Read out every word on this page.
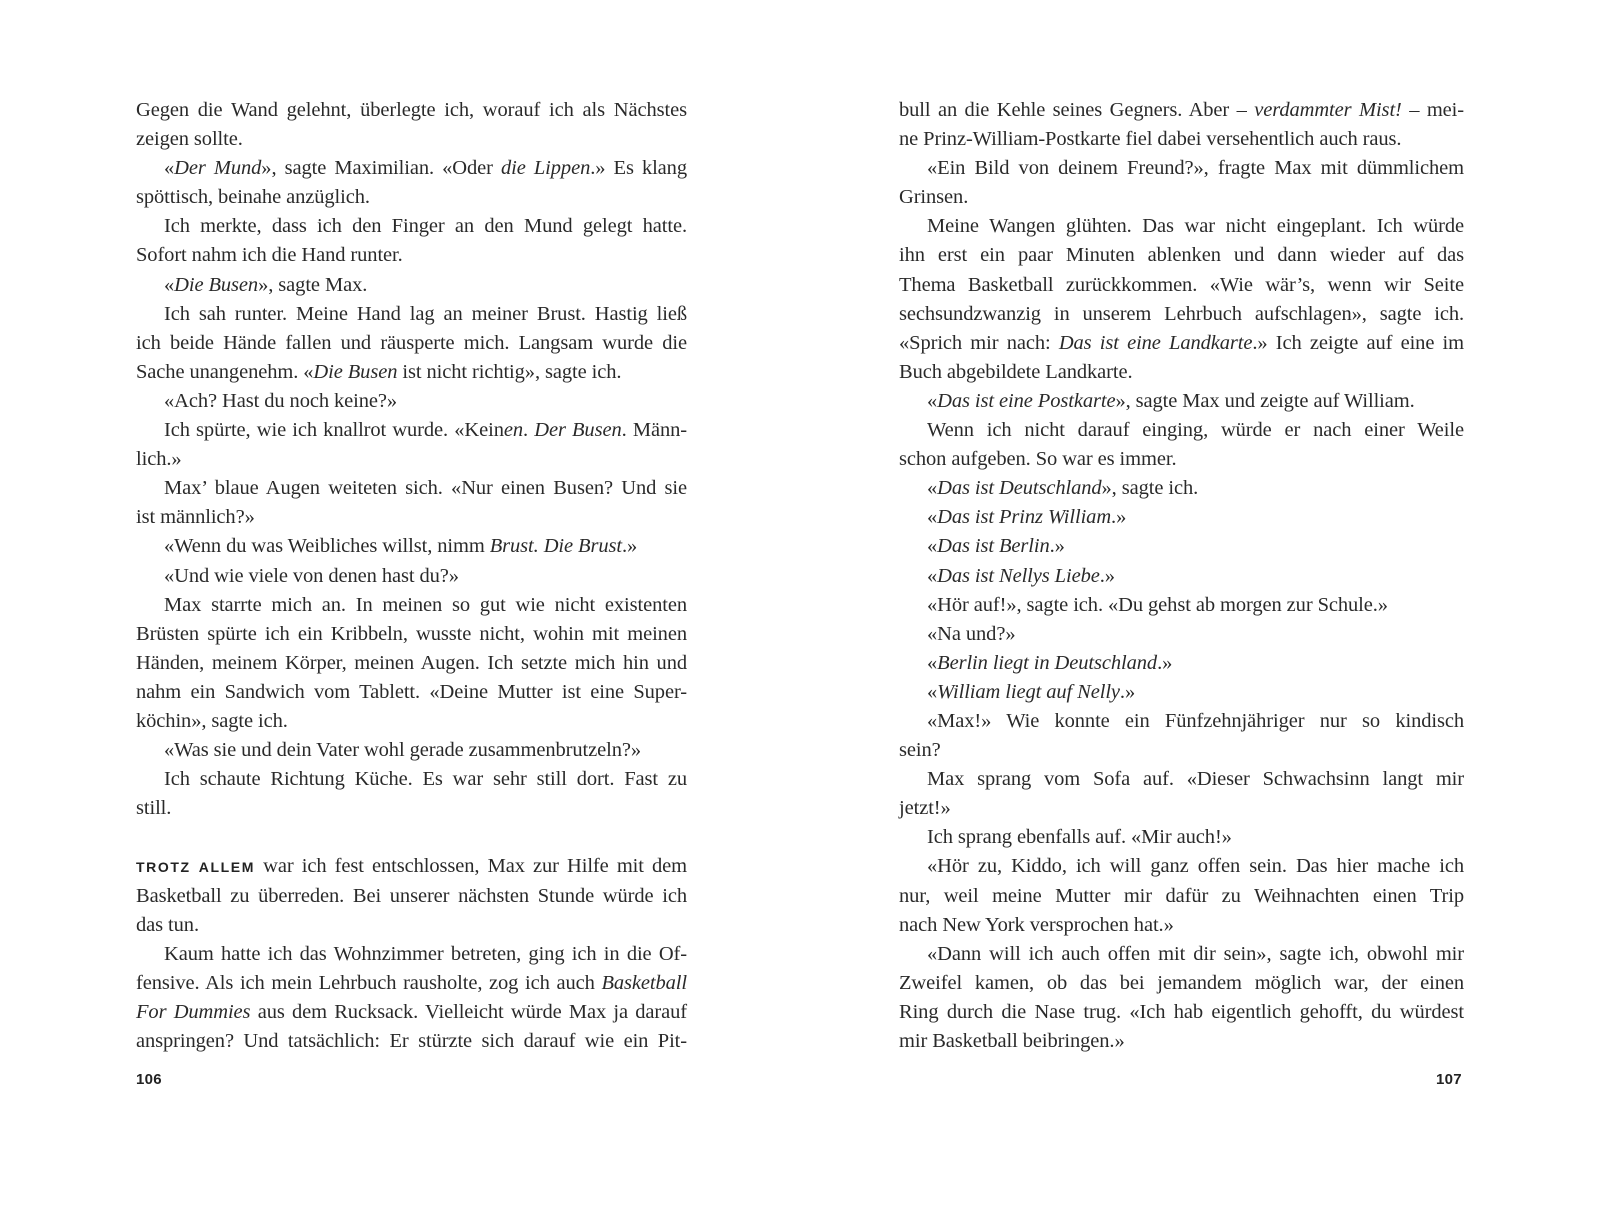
Gegen die Wand gelehnt, überlegte ich, worauf ich als Nächstes
zeigen sollte.
«Der Mund», sagte Maximilian. «Oder die Lippen.» Es klang
spöttisch, beinahe anzüglich.
Ich merkte, dass ich den Finger an den Mund gelegt hatte.
Sofort nahm ich die Hand runter.
«Die Busen», sagte Max.
Ich sah runter. Meine Hand lag an meiner Brust. Hastig ließ
ich beide Hände fallen und räusperte mich. Langsam wurde die
Sache unangenehm. «Die Busen ist nicht richtig», sagte ich.
«Ach? Hast du noch keine?»
Ich spürte, wie ich knallrot wurde. «Keinen. Der Busen. Männ-
lich.»
Max’ blaue Augen weiteten sich. «Nur einen Busen? Und sie
ist männlich?»
«Wenn du was Weibliches willst, nimm Brust. Die Brust.»
«Und wie viele von denen hast du?»
Max starrte mich an. In meinen so gut wie nicht existenten
Brüsten spürte ich ein Kribbeln, wusste nicht, wohin mit meinen
Händen, meinem Körper, meinen Augen. Ich setzte mich hin und
nahm ein Sandwich vom Tablett. «Deine Mutter ist eine Super-
köchin», sagte ich.
«Was sie und dein Vater wohl gerade zusammenbrutzeln?»
Ich schaute Richtung Küche. Es war sehr still dort. Fast zu
still.
TROTZ ALLEM war ich fest entschlossen, Max zur Hilfe mit dem
Basketball zu überreden. Bei unserer nächsten Stunde würde ich
das tun.
Kaum hatte ich das Wohnzimmer betreten, ging ich in die Of-
fensive. Als ich mein Lehrbuch rausholte, zog ich auch Basketball
For Dummies aus dem Rucksack. Vielleicht würde Max ja darauf
anspringen? Und tatsächlich: Er stürzte sich darauf wie ein Pit-
bull an die Kehle seines Gegners. Aber – verdammter Mist! – mei-
ne Prinz-William-Postkarte fiel dabei versehentlich auch raus.
«Ein Bild von deinem Freund?», fragte Max mit dümmlichem
Grinsen.
Meine Wangen glühten. Das war nicht eingeplant. Ich würde
ihn erst ein paar Minuten ablenken und dann wieder auf das
Thema Basketball zurückkommen. «Wie wär’s, wenn wir Seite
sechsundzwanzig in unserem Lehrbuch aufschlagen», sagte ich.
«Sprich mir nach: Das ist eine Landkarte.» Ich zeigte auf eine im
Buch abgebildete Landkarte.
«Das ist eine Postkarte», sagte Max und zeigte auf William.
Wenn ich nicht darauf einging, würde er nach einer Weile
schon aufgeben. So war es immer.
«Das ist Deutschland», sagte ich.
«Das ist Prinz William.»
«Das ist Berlin.»
«Das ist Nellys Liebe.»
«Hör auf!», sagte ich. «Du gehst ab morgen zur Schule.»
«Na und?»
«Berlin liegt in Deutschland.»
«William liegt auf Nelly.»
«Max!» Wie konnte ein Fünfzehnjähriger nur so kindisch
sein?
Max sprang vom Sofa auf. «Dieser Schwachsinn langt mir
jetzt!»
Ich sprang ebenfalls auf. «Mir auch!»
«Hör zu, Kiddo, ich will ganz offen sein. Das hier mache ich
nur, weil meine Mutter mir dafür zu Weihnachten einen Trip
nach New York versprochen hat.»
«Dann will ich auch offen mit dir sein», sagte ich, obwohl mir
Zweifel kamen, ob das bei jemandem möglich war, der einen
Ring durch die Nase trug. «Ich hab eigentlich gehofft, du würdest
mir Basketball beibringen.»
106	107
